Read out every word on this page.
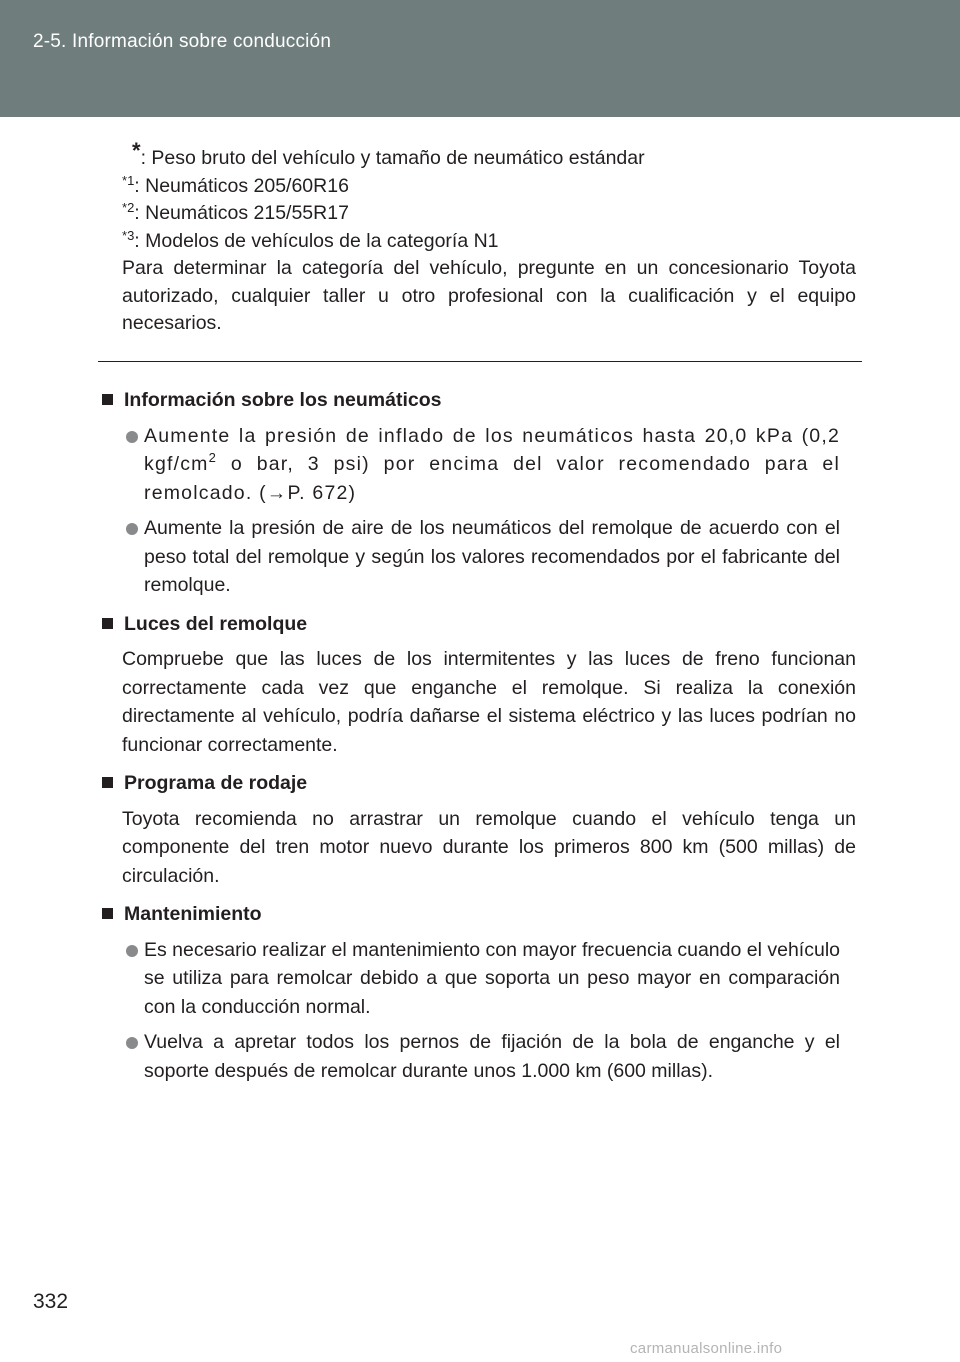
2-5. Información sobre conducción
*: Peso bruto del vehículo y tamaño de neumático estándar
$^{*1}$: Neumáticos 205/60R16
$^{*2}$: Neumáticos 215/55R17
$^{*3}$: Modelos de vehículos de la categoría N1

Para determinar la categoría del vehículo, pregunte en un concesionario Toyota autorizado, cualquier taller u otro profesional con la cualificación y el equipo necesarios.

Información sobre los neumáticos
Aumente la presión de inflado de los neumáticos hasta 20,0 kPa (0,2 kgf/$cm^2$ o bar, 3 psi) por encima del valor recomendado para el remolcado. (→P. 672)
Aumente la presión de aire de los neumáticos del remolque de acuerdo con el peso total del remolque y según los valores recomendados por el fabricante del remolque.
Luces del remolque

Compruebe que las luces de los intermitentes y las luces de freno funcionan correctamente cada vez que enganche el remolque. Si realiza la conexión directamente al vehículo, podría dañarse el sistema eléctrico y las luces podrían no funcionar correctamente.

Programa de rodaje

Toyota recomienda no arrastrar un remolque cuando el vehículo tenga un componente del tren motor nuevo durante los primeros 800 km (500 millas) de circulación.

Mantenimiento
Es necesario realizar el mantenimiento con mayor frecuencia cuando el vehículo se utiliza para remolcar debido a que soporta un peso mayor en comparación con la conducción normal.
Vuelva a apretar todos los pernos de fijación de la bola de enganche y el soporte después de remolcar durante unos 1.000 km (600 millas).
332
carmanualsonline.info
